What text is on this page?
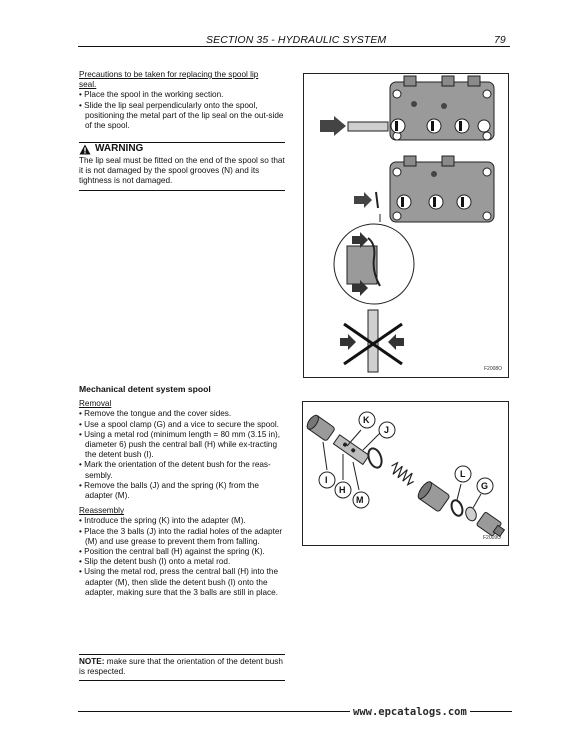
SECTION 35 - HYDRAULIC SYSTEM	79

Precautions to be taken for replacing the spool lip

seal.

• Place the spool in the working section.

• Slide the lip seal perpendicularly onto the spool, positioning the metal part of the lip seal on the out-side of the spool.

WARNING

The lip seal must be fitted on the end of the spool so that it is not damaged by the spool grooves (N) and its tightness is not damaged.

F2008O

Mechanical detent system spool

Removal

• Remove the tongue and the cover sides.

• Use a spool clamp (G) and a vice to secure the spool.

• Using a metal rod (minimum length = 80 mm (3.15 in), diameter 6) push the central ball (H) while ex-tracting the detent bush (I).

• Mark the orientation of the detent bush for the reas-sembly.

• Remove the balls (J) and the spring (K) from the adapter (M).

Reassembly

• Introduce the spring (K) into the adapter (M).

• Place the 3 balls (J) into the radial holes of the adapter (M) and use grease to prevent them from falling.

• Position the central ball (H) against the spring (K).

• Slip the detent bush (I) onto a metal rod.

• Using the metal rod, press the central ball (H) into the adapter (M), then slide the detent bush (I) onto the adapter, making sure that the 3 balls are still in place.

NOTE: make sure that the orientation of the detent bush is respected.

K
J
I
H
M
L
G
F2009O
www.epcatalogs.com
